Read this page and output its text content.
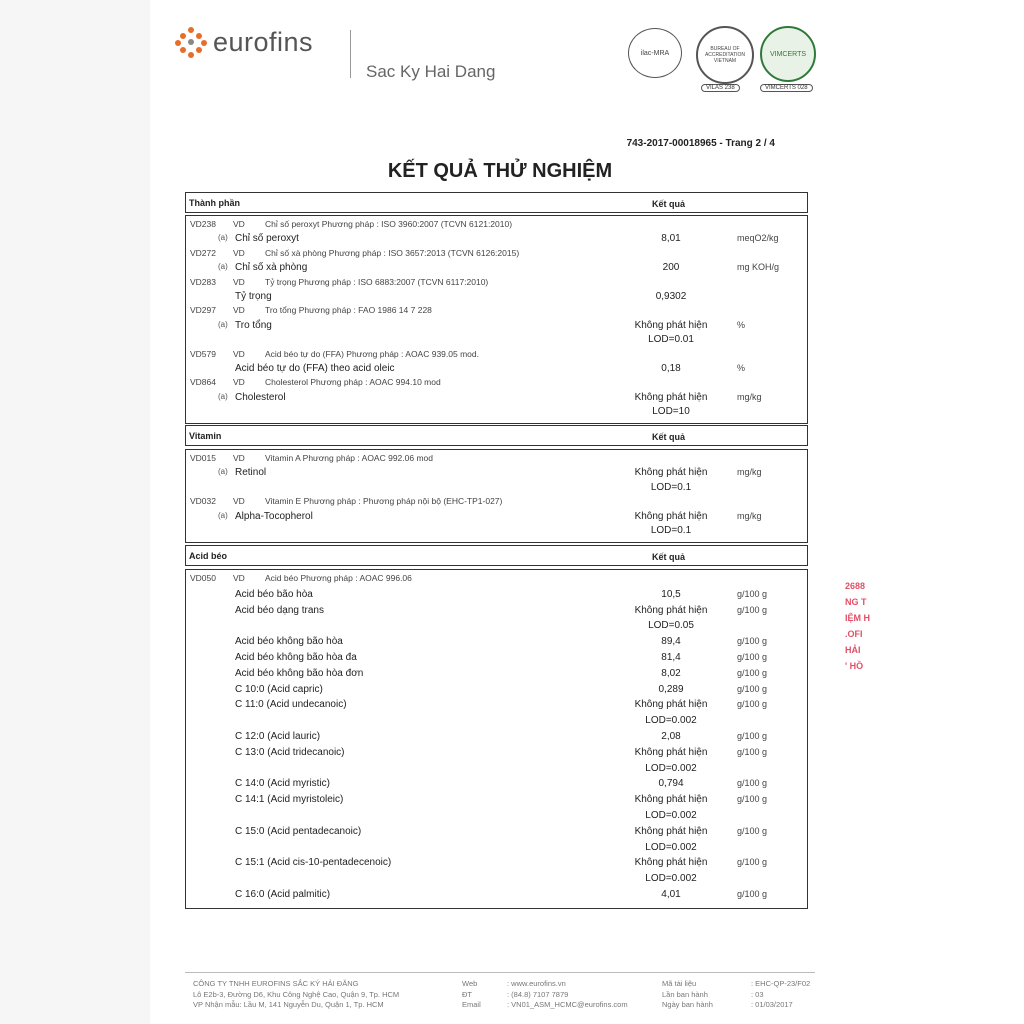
eurofins
Sac Ky Hai Dang
ilac-MRA
BUREAU OF ACCREDITATION VIETNAM
VILAS 238
VIMCERTS
VIMCERTS 028
743-2017-00018965 - Trang 2 / 4
KẾT QUẢ THỬ NGHIỆM
Thành phần	Kết quả
VD238 VD Chỉ số peroxyt Phương pháp : ISO 3960:2007 (TCVN 6121:2010)
(a) Chỉ số peroxyt	8,01	meqO2/kg
VD272 VD Chỉ số xà phòng Phương pháp : ISO 3657:2013 (TCVN 6126:2015)
(a) Chỉ số xà phòng	200	mg KOH/g
VD283 VD Tỷ trọng Phương pháp : ISO 6883:2007 (TCVN 6117:2010)
Tỷ trọng	0,9302
VD297 VD Tro tổng Phương pháp : FAO 1986 14 7 228
(a) Tro tổng	Không phát hiện	%
LOD=0.01
VD579 VD Acid béo tự do (FFA) Phương pháp : AOAC 939.05 mod.
Acid béo tự do (FFA) theo acid oleic	0,18	%
VD864 VD Cholesterol Phương pháp : AOAC 994.10 mod
(a) Cholesterol	Không phát hiện	mg/kg
LOD=10
Vitamin	Kết quả
VD015 VD Vitamin A Phương pháp : AOAC 992.06 mod
(a) Retinol	Không phát hiện	mg/kg
LOD=0.1
VD032 VD Vitamin E Phương pháp : Phương pháp nội bộ (EHC-TP1-027)
(a) Alpha-Tocopherol	Không phát hiện	mg/kg
LOD=0.1
Acid béo	Kết quả
VD050 VD Acid béo Phương pháp : AOAC 996.06
Acid béo bão hòa	10,5	g/100 g
Acid béo dạng trans	Không phát hiện	g/100 g
LOD=0.05
Acid béo không bão hòa	89,4	g/100 g
Acid béo không bão hòa đa	81,4	g/100 g
Acid béo không bão hòa đơn	8,02	g/100 g
C 10:0 (Acid capric)	0,289	g/100 g
C 11:0 (Acid undecanoic)	Không phát hiện	g/100 g
LOD=0.002
C 12:0 (Acid lauric)	2,08	g/100 g
C 13:0 (Acid tridecanoic)	Không phát hiện	g/100 g
LOD=0.002
C 14:0 (Acid myristic)	0,794	g/100 g
C 14:1 (Acid myristoleic)	Không phát hiện	g/100 g
LOD=0.002
C 15:0 (Acid pentadecanoic)	Không phát hiện	g/100 g
LOD=0.002
C 15:1 (Acid cis-10-pentadecenoic)	Không phát hiện	g/100 g
LOD=0.002
C 16:0 (Acid palmitic)	4,01	g/100 g
2688
NG T
IỆM H
.OFI
HẢI
' HỒ
CÔNG TY TNHH EUROFINS SẮC KÝ HẢI ĐĂNG
Lô E2b-3, Đường D6, Khu Công Nghệ Cao, Quận 9, Tp. HCM
VP Nhận mẫu: Lầu M, 141 Nguyễn Du, Quận 1, Tp. HCM
Web
ĐT
Email
: www.eurofins.vn
: (84.8) 7107 7879
: VN01_ASM_HCMC@eurofins.com
Mã tài liệu
Lần ban hành
Ngày ban hành
: EHC-QP-23/F02
: 03
: 01/03/2017
